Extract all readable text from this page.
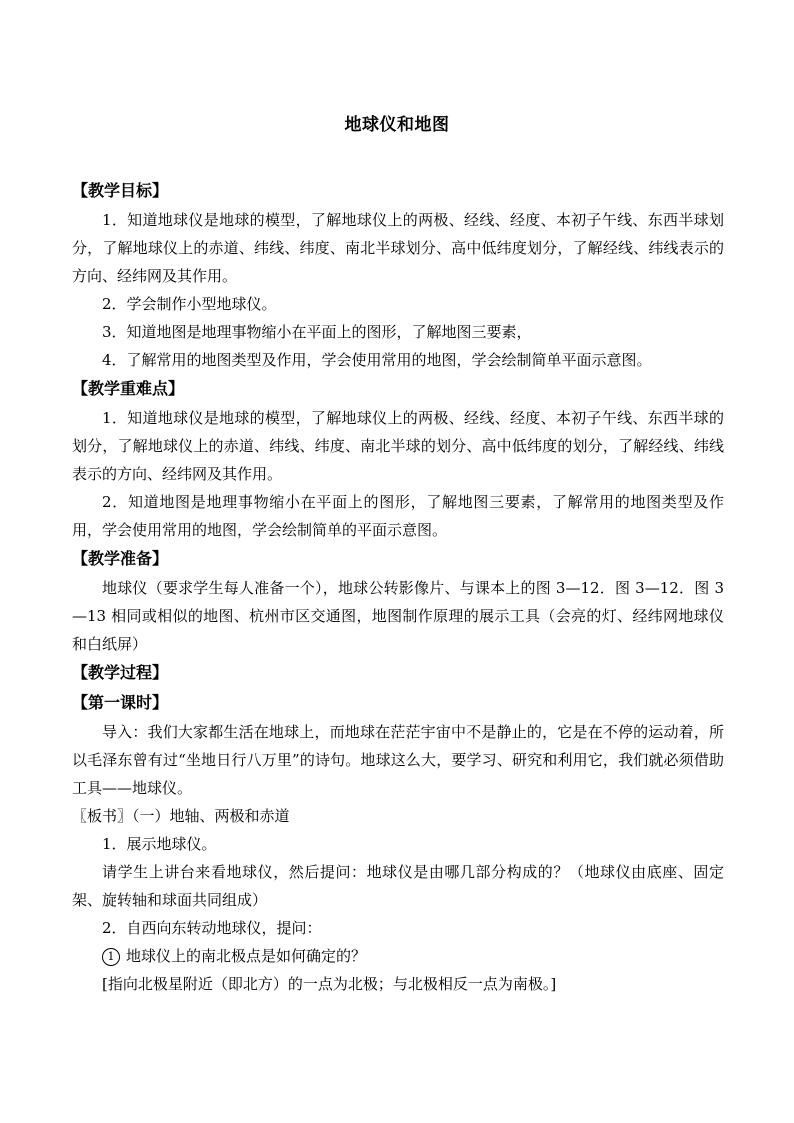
地球仪和地图
【教学目标】

1．知道地球仪是地球的模型，了解地球仪上的两极、经线、经度、本初子午线、东西半球划分，了解地球仪上的赤道、纬线、纬度、南北半球划分、高中低纬度划分，了解经线、纬线表示的方向、经纬网及其作用。

2．学会制作小型地球仪。

3．知道地图是地理事物缩小在平面上的图形，了解地图三要素，

4．了解常用的地图类型及作用，学会使用常用的地图，学会绘制简单平面示意图。

【教学重难点】

1．知道地球仪是地球的模型，了解地球仪上的两极、经线、经度、本初子午线、东西半球的划分，了解地球仪上的赤道、纬线、纬度、南北半球的划分、高中低纬度的划分，了解经线、纬线表示的方向、经纬网及其作用。

2．知道地图是地理事物缩小在平面上的图形，了解地图三要素，了解常用的地图类型及作用，学会使用常用的地图，学会绘制简单的平面示意图。

【教学准备】

地球仪（要求学生每人准备一个），地球公转影像片、与课本上的图 3—12．图 3—12．图 3—13 相同或相似的地图、杭州市区交通图，地图制作原理的展示工具（会亮的灯、经纬网地球仪和白纸屏）

【教学过程】
【第一课时】

导入：我们大家都生活在地球上，而地球在茫茫宇宙中不是静止的，它是在不停的运动着，所以毛泽东曾有过“坐地日行八万里”的诗句。地球这么大，要学习、研究和利用它，我们就必须借助工具——地球仪。

〖板书〗（一）地轴、两极和赤道

1．展示地球仪。

请学生上讲台来看地球仪，然后提问：地球仪是由哪几部分构成的？（地球仪由底座、固定架、旋转轴和球面共同组成）

2．自西向东转动地球仪，提问：

1 地球仪上的南北极点是如何确定的？

[指向北极星附近（即北方）的一点为北极；与北极相反一点为南极。]
